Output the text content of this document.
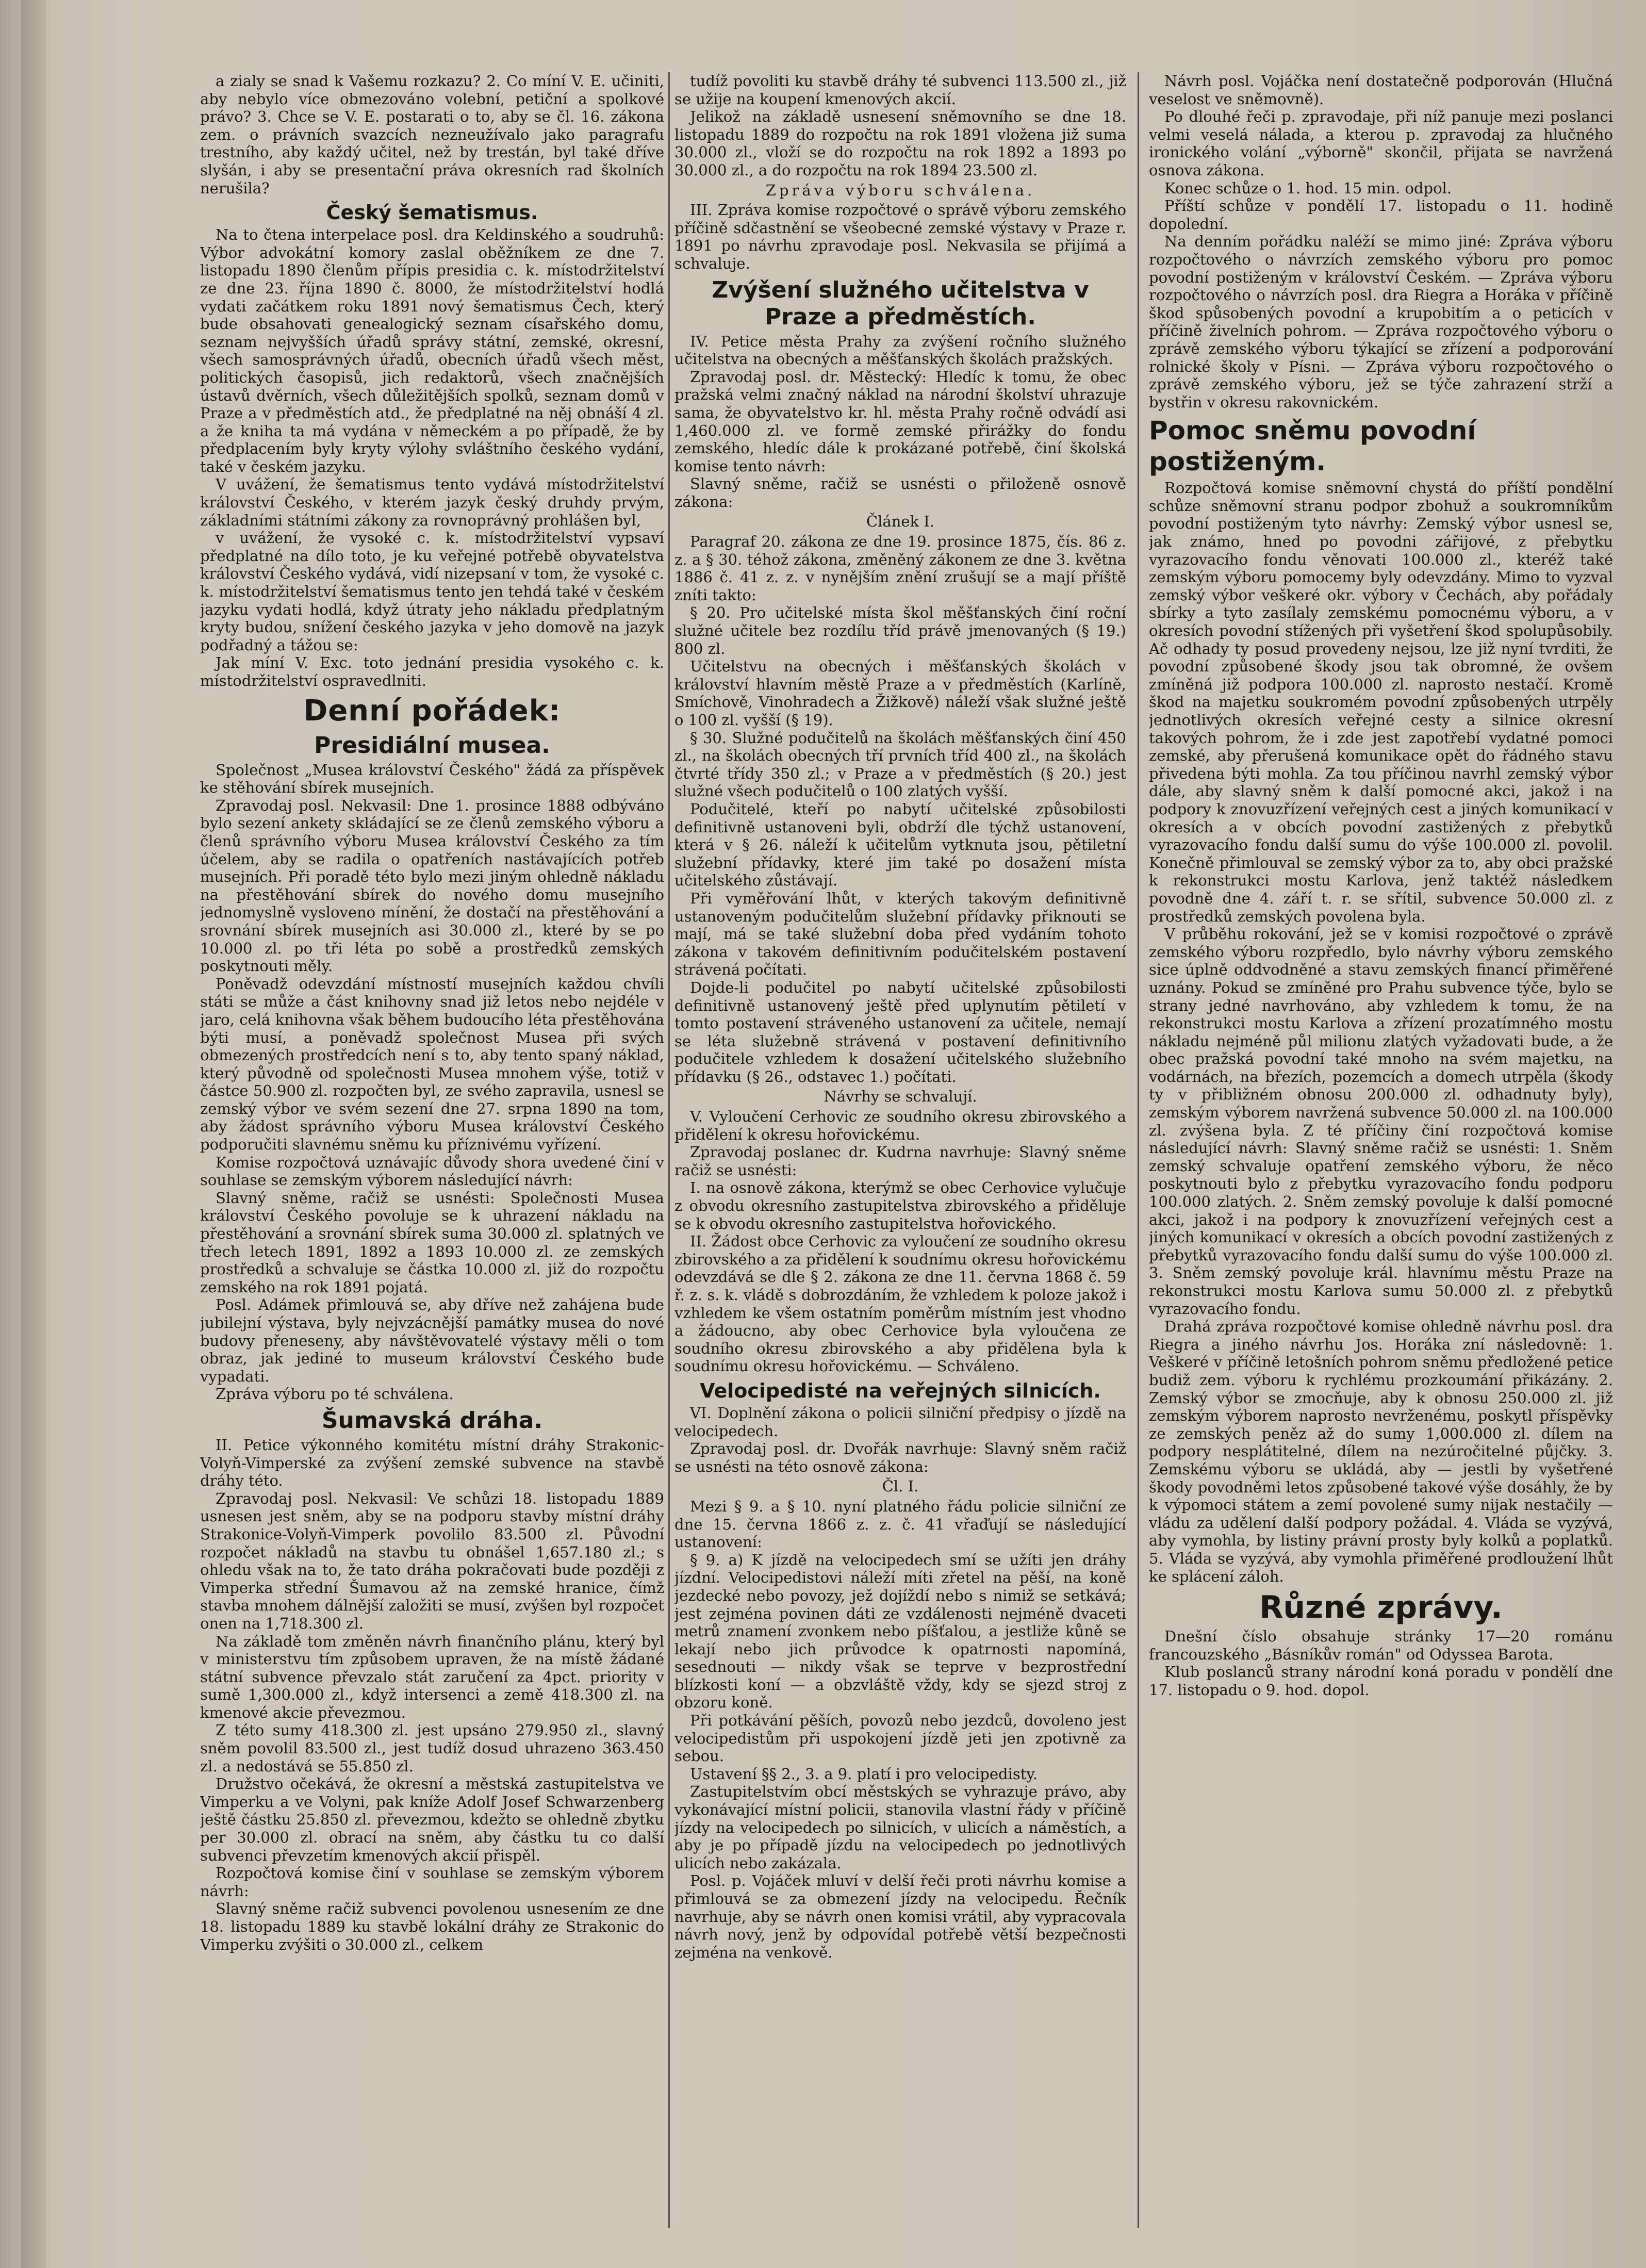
a zialy se snad k Vašemu rozkazu? 2. Co míní V. E. učiniti, aby nebylo více obmezováno volební, petiční a spolkové právo? 3. Chce se V. E. postarati o to, aby se čl. 16. zákona zem. o právních svazcích nezneužívalo jako paragrafu trestního, aby každý učitel, než by trestán, byl také dříve slyšán, i aby se presentační práva okresních rad školních nerušila?

Český šematismus.

Na to čtena interpelace posl. dra Keldinského a soudruhů: Výbor advokátní komory zaslal oběžníkem ze dne 7. listopadu 1890 členům přípis presidia c. k. místodržitelství ze dne 23. října 1890 č. 8000, že místodržitelství hodlá vydati začátkem roku 1891 nový šematismus Čech, který bude obsahovati genealogický seznam císařského domu, seznam nejvyšších úřadů správy státní, zemské, okresní, všech samosprávných úřadů, obecních úřadů všech měst, politických časopisů, jich redaktorů, všech značnějších ústavů dvěrních, všech důležitějších spolků, seznam domů v Praze a v předměstích atd., že předplatné na něj obnáší 4 zl. a že kniha ta má vydána v německém a po případě, že by předplacením byly kryty výlohy svláštního českého vydání, také v českém jazyku.

V uvážení, že šematismus tento vydává místodržitelství království Českého, v kterém jazyk český druhdy prvým, základními státními zákony za rovnoprávný prohlášen byl,

v uvážení, že vysoké c. k. místodržitelství vypsaví předplatné na dílo toto, je ku veřejné potřebě obyvatelstva království Českého vydává, vidí nizepsaní v tom, že vysoké c. k. místodržitelství šematismus tento jen tehdá také v českém jazyku vydati hodlá, když útraty jeho nákladu předplatným kryty budou, snížení českého jazyka v jeho domově na jazyk podřadný a tážou se:

Jak míní V. Exc. toto jednání presidia vysokého c. k. místodržitelství ospravedlniti.

Denní pořádek:
Presidiální musea.

Společnost „Musea království Českého" žádá za příspěvek ke stěhování sbírek musejních.

Zpravodaj posl. Nekvasil: Dne 1. prosince 1888 odbýváno bylo sezení ankety skládající se ze členů zemského výboru a členů správního výboru Musea království Českého za tím účelem, aby se radila o opatřeních nastávajících potřeb musejních. Při poradě této bylo mezi jiným ohledně nákladu na přestěhování sbírek do nového domu musejního jednomyslně vysloveno mínění, že dostačí na přestěhování a srovnání sbírek musejních asi 30.000 zl., které by se po 10.000 zl. po tři léta po sobě a prostředků zemských poskytnouti měly.

Poněvadž odevzdání místností musejních každou chvíli státi se může a část knihovny snad již letos nebo nejdéle v jaro, celá knihovna však během budoucího léta přestěhována býti musí, a poněvadž společnost Musea při svých obmezených prostředcích není s to, aby tento spaný náklad, který původně od společnosti Musea mnohem výše, totiž v částce 50.900 zl. rozpočten byl, ze svého zapravila, usnesl se zemský výbor ve svém sezení dne 27. srpna 1890 na tom, aby žádost správního výboru Musea království Českého podporučiti slavnému sněmu ku příznivému vyřízení.

Komise rozpočtová uznávajíc důvody shora uvedené činí v souhlase se zemským výborem následující návrh:

Slavný sněme, račiž se usnésti: Společnosti Musea království Českého povoluje se k uhrazení nákladu na přestěhování a srovnání sbírek suma 30.000 zl. splatných ve třech letech 1891, 1892 a 1893 10.000 zl. ze zemských prostředků a schvaluje se částka 10.000 zl. již do rozpočtu zemského na rok 1891 pojatá.

Posl. Adámek přimlouvá se, aby dříve než zahájena bude jubilejní výstava, byly nejvzácnější památky musea do nové budovy přeneseny, aby návštěvovatelé výstavy měli o tom obraz, jak jediné to museum království Českého bude vypadati.

Zpráva výboru po té schválena.

Šumavská dráha.

II. Petice výkonného komitétu místní dráhy Strakonic-Volyň-Vimperské za zvýšení zemské subvence na stavbě dráhy této.

Zpravodaj posl. Nekvasil: Ve schůzi 18. listopadu 1889 usnesen jest sněm, aby se na podporu stavby místní dráhy Strakonice-Volyň-Vimperk povolilo 83.500 zl. Původní rozpočet nákladů na stavbu tu obnášel 1,657.180 zl.; s ohledu však na to, že tato dráha pokračovati bude později z Vimperka střední Šumavou až na zemské hranice, čímž stavba mnohem dálnější založiti se musí, zvýšen byl rozpočet onen na 1,718.300 zl.

Na základě tom změněn návrh finančního plánu, který byl v ministerstvu tím způsobem upraven, že na místě žádané státní subvence převzalo stát zaručení za 4pct. priority v sumě 1,300.000 zl., když intersenci a země 418.300 zl. na kmenové akcie převezmou.

Z této sumy 418.300 zl. jest upsáno 279.950 zl., slavný sněm povolil 83.500 zl., jest tudíž dosud uhrazeno 363.450 zl. a nedostává se 55.850 zl.

Družstvo očekává, že okresní a městská zastupitelstva ve Vimperku a ve Volyni, pak kníže Adolf Josef Schwarzenberg ještě částku 25.850 zl. převezmou, kdežto se ohledně zbytku per 30.000 zl. obrací na sněm, aby částku tu co další subvenci převzetím kmenových akcií přispěl.

Rozpočtová komise činí v souhlase se zemským výborem návrh:

Slavný sněme račiž subvenci povolenou usnesením ze dne 18. listopadu 1889 ku stavbě lokální dráhy ze Strakonic do Vimperku zvýšiti o 30.000 zl., celkem

tudíž povoliti ku stavbě dráhy té subvenci 113.500 zl., již se užije na koupení kmenových akcií.

Jelikož na základě usnesení sněmovního se dne 18. listopadu 1889 do rozpočtu na rok 1891 vložena již suma 30.000 zl., vloží se do rozpočtu na rok 1892 a 1893 po 30.000 zl., a do rozpočtu na rok 1894 23.500 zl.

Zpráva výboru schválena.

III. Zpráva komise rozpočtové o správě výboru zemského příčině sdčastnění se všeobecné zemské výstavy v Praze r. 1891 po návrhu zpravodaje posl. Nekvasila se přijímá a schvaluje.

Zvýšení služného učitelstva v Praze a předměstích.

IV. Petice města Prahy za zvýšení ročního služného učitelstva na obecných a měšťanských školách pražských.

Zpravodaj posl. dr. Městecký: Hledíc k tomu, že obec pražská velmi značný náklad na národní školství uhrazuje sama, že obyvatelstvo kr. hl. města Prahy ročně odvádí asi 1,460.000 zl. ve formě zemské přirážky do fondu zemského, hledíc dále k prokázané potřebě, činí školská komise tento návrh:

Slavný sněme, račiž se usnésti o přiloženě osnově zákona:

Článek I.

Paragraf 20. zákona ze dne 19. prosince 1875, čís. 86 z. z. a § 30. téhož zákona, změněný zákonem ze dne 3. května 1886 č. 41 z. z. v nynějším znění zrušují se a mají příště zníti takto:

§ 20. Pro učitelské místa škol měšťanských činí roční služné učitele bez rozdílu tříd právě jmenovaných (§ 19.) 800 zl.

Učitelstvu na obecných i měšťanských školách v království hlavním městě Praze a v předměstích (Karlíně, Smíchově, Vinohradech a Žižkově) náleží však služné ještě o 100 zl. vyšší (§ 19).

§ 30. Služné podučitelů na školách měšťanských činí 450 zl., na školách obecných tří prvních tříd 400 zl., na školách čtvrté třídy 350 zl.; v Praze a v předměstích (§ 20.) jest služné všech podučitelů o 100 zlatých vyšší.

Podučitelé, kteří po nabytí učitelské způsobilosti definitivně ustanoveni byli, obdrží dle týchž ustanovení, která v § 26. náleží k učitelům vytknuta jsou, pětiletní služební přídavky, které jim také po dosažení místa učitelského zůstávají.

Při vyměřování lhůt, v kterých takovým definitivně ustanoveným podučitelům služební přídavky přiknouti se mají, má se také služební doba před vydáním tohoto zákona v takovém definitivním podučitelském postavení strávená počítati.

Dojde-li podučitel po nabytí učitelské způsobilosti definitivně ustanovený ještě před uplynutím pětiletí v tomto postavení stráveného ustanovení za učitele, nemají se léta služebně strávená v postavení definitivního podučitele vzhledem k dosažení učitelského služebního přídavku (§ 26., odstavec 1.) počítati.

Návrhy se schvalují.

V. Vyloučení Cerhovic ze soudního okresu zbirovského a přidělení k okresu hořovickému.

Zpravodaj poslanec dr. Kudrna navrhuje: Slavný sněme račiž se usnésti:

I. na osnově zákona, kterýmž se obec Cerhovice vylučuje z obvodu okresního zastupitelstva zbirovského a přiděluje se k obvodu okresního zastupitelstva hořovického.

II. Žádost obce Cerhovic za vyloučení ze soudního okresu zbirovského a za přidělení k soudnímu okresu hořovickému odevzdává se dle § 2. zákona ze dne 11. června 1868 č. 59 ř. z. s. k. vládě s dobrozdáním, že vzhledem k poloze jakož i vzhledem ke všem ostatním poměrům místním jest vhodno a žádoucno, aby obec Cerhovice byla vyloučena ze soudního okresu zbirovského a aby přidělena byla k soudnímu okresu hořovickému. — Schváleno.

Velocipedisté na veřejných silnicích.

VI. Doplnění zákona o policii silniční předpisy o jízdě na velocipedech.

Zpravodaj posl. dr. Dvořák navrhuje: Slavný sněm račiž se usnésti na této osnově zákona:

Čl. I.

Mezi § 9. a § 10. nyní platného řádu policie silniční ze dne 15. června 1866 z. z. č. 41 vřaďují se následující ustanovení:

§ 9. a) K jízdě na velocipedech smí se užíti jen dráhy jízdní. Velocipedistovi náleží míti zřetel na pěší, na koně jezdecké nebo povozy, jež dojíždí nebo s nimiž se setkává; jest zejména povinen dáti ze vzdálenosti nejméně dvaceti metrů znamení zvonkem nebo píšťalou, a jestliže kůně se lekají nebo jich průvodce k opatrnosti napomíná, sesednouti — nikdy však se teprve v bezprostřední blízkosti koní — a obzvláště vždy, kdy se sjezd stroj z obzoru koně.

Při potkávání pěších, povozů nebo jezdců, dovoleno jest velocipedistům při uspokojení jízdě jeti jen zpotivně za sebou.

Ustavení §§ 2., 3. a 9. platí i pro velocipedisty.

Zastupitelstvím obcí městských se vyhrazuje právo, aby vykonávající místní policii, stanovila vlastní řády v příčině jízdy na velocipedech po silnicích, v ulicích a náměstích, a aby je po případě jízdu na velocipedech po jednotlivých ulicích nebo zakázala.

Posl. p. Vojáček mluví v delší řeči proti návrhu komise a přimlouvá se za obmezení jízdy na velocipedu. Řečník navrhuje, aby se návrh onen komisi vrátil, aby vypracovala návrh nový, jenž by odpovídal potřebě větší bezpečnosti zejména na venkově.

Návrh posl. Vojáčka není dostatečně podporován (Hlučná veselost ve sněmovně).

Po dlouhé řeči p. zpravodaje, při níž panuje mezi poslanci velmi veselá nálada, a kterou p. zpravodaj za hlučného ironického volání „výborně" skončil, přijata se navržená osnova zákona.

Konec schůze o 1. hod. 15 min. odpol.

Příští schůze v pondělí 17. listopadu o 11. hodině dopolední.

Na denním pořádku naléží se mimo jiné: Zpráva výboru rozpočtového o návrzích zemského výboru pro pomoc povodní postiženým v království Českém. — Zpráva výboru rozpočtového o návrzích posl. dra Riegra a Horáka v příčině škod spůsobených povodní a krupobitím a o peticích v příčině živelních pohrom. — Zpráva rozpočtového výboru o zprávě zemského výboru týkající se zřízení a podporování rolnické školy v Písni. — Zpráva výboru rozpočtového o zprávě zemského výboru, jež se týče zahrazení strží a bystřin v okresu rakovnickém.

Pomoc sněmu povodní postiženým.

Rozpočtová komise sněmovní chystá do příští pondělní schůze sněmovní stranu podpor zbohuž a soukromníkům povodní postiženým tyto návrhy: Zemský výbor usnesl se, jak známo, hned po povodni zářijové, z přebytku vyrazovacího fondu věnovati 100.000 zl., kteréž také zemským výboru pomocemy byly odevzdány. Mimo to vyzval zemský výbor veškeré okr. výbory v Čechách, aby pořádaly sbírky a tyto zasílaly zemskému pomocnému výboru, a v okresích povodní stížených při vyšetření škod spolupůsobily. Ač odhady ty posud provedeny nejsou, lze již nyní tvrditi, že povodní způsobené škody jsou tak obromné, že ovšem zmíněná již podpora 100.000 zl. naprosto nestačí. Kromě škod na majetku soukromém povodní způsobených utrpěly jednotlivých okresích veřejné cesty a silnice okresní takových pohrom, že i zde jest zapotřebí vydatné pomoci zemské, aby přerušená komunikace opět do řádného stavu přivedena býti mohla. Za tou příčinou navrhl zemský výbor dále, aby slavný sněm k další pomocné akci, jakož i na podpory k znovuzřízení veřejných cest a jiných komunikací v okresích a v obcích povodní zastižených z přebytků vyrazovacího fondu další sumu do výše 100.000 zl. povolil. Konečně přimlouval se zemský výbor za to, aby obci pražské k rekonstrukci mostu Karlova, jenž taktéž následkem povodně dne 4. září t. r. se sřítil, subvence 50.000 zl. z prostředků zemských povolena byla.

V průběhu rokování, jež se v komisi rozpočtové o zprávě zemského výboru rozpředlo, bylo návrhy výboru zemského sice úplně oddvodněné a stavu zemských financí přiměřené uznány. Pokud se zmíněné pro Prahu subvence týče, bylo se strany jedné navrhováno, aby vzhledem k tomu, že na rekonstrukci mostu Karlova a zřízení prozatímného mostu nákladu nejméně půl milionu zlatých vyžadovati bude, a že obec pražská povodní také mnoho na svém majetku, na vodárnách, na březích, pozemcích a domech utrpěla (škody ty v přibližném obnosu 200.000 zl. odhadnuty byly), zemským výborem navržená subvence 50.000 zl. na 100.000 zl. zvýšena byla. Z té příčiny činí rozpočtová komise následující návrh: Slavný sněme račiž se usnésti: 1. Sněm zemský schvaluje opatření zemského výboru, že něco poskytnouti bylo z přebytku vyrazovacího fondu podporu 100.000 zlatých. 2. Sněm zemský povoluje k další pomocné akci, jakož i na podpory k znovuzřízení veřejných cest a jiných komunikací v okresích a obcích povodní zastižených z přebytků vyrazovacího fondu další sumu do výše 100.000 zl. 3. Sněm zemský povoluje král. hlavnímu městu Praze na rekonstrukci mostu Karlova sumu 50.000 zl. z přebytků vyrazovacího fondu.

Drahá zpráva rozpočtové komise ohledně návrhu posl. dra Riegra a jiného návrhu Jos. Horáka zní následovně: 1. Veškeré v příčině letošních pohrom sněmu předložené petice budiž zem. výboru k rychlému prozkoumání přikázány. 2. Zemský výbor se zmocňuje, aby k obnosu 250.000 zl. již zemským výborem naprosto nevrženému, poskytl příspěvky ze zemských peněz až do sumy 1,000.000 zl. dílem na podpory nesplátitelné, dílem na nezúročitelné půjčky. 3. Zemskému výboru se ukládá, aby — jestli by vyšetřené škody povodněmi letos způsobené takové výše dosáhly, že by k výpomoci státem a zemí povolené sumy nijak nestačily — vládu za udělení další podpory požádal. 4. Vláda se vyzývá, aby vymohla, by listiny právní prosty byly kolků a poplatků. 5. Vláda se vyzývá, aby vymohla přiměřené prodloužení lhůt ke splácení záloh.

Různé zprávy.

Dnešní číslo obsahuje stránky 17—20 románu francouzského „Básníkův román" od Odyssea Barota.

Klub poslanců strany národní koná poradu v pondělí dne 17. listopadu o 9. hod. dopol.
